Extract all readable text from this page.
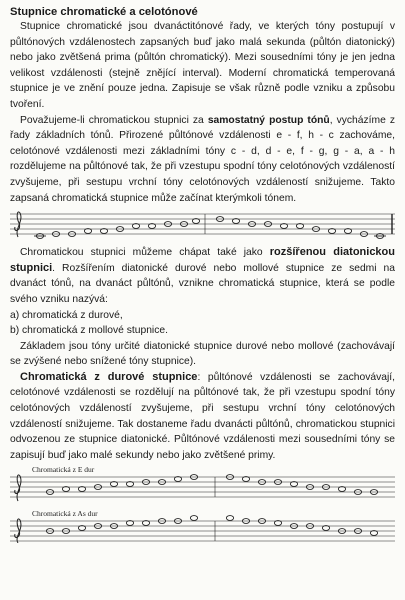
Stupnice chromatické a celotónové

Stupnice chromatické jsou dvanáctitónové řady, ve kterých tóny postupují v půltónových vzdálenostech zapsaných buď jako malá sekunda (půltón diatonický) nebo jako zvětšená prima (půltón chromatický). Mezi sousedními tóny je jen jedna velikost vzdálenosti (stejně znějící interval). Moderní chromatická temperovaná stupnice je ve znění pouze jedna. Zapisuje se však různě podle vzniku a způsobu tvoření.

Považujeme-li chromatickou stupnici za samostatný postup tónů, vycházíme z řady základních tónů. Přirozené půltónové vzdálenosti e - f, h - c zachováme, celotónové vzdálenosti mezi základními tóny c - d, d - e, f - g, g - a, a - h rozdělujeme na půltónové tak, že při vzestupu spodní tóny celotónových vzdáleností zvyšujeme, při sestupu vrchní tóny celotónových vzdáleností snižujeme. Takto zapsaná chromatická stupnice může začínat kterýmkoli tónem.

Chromatickou stupnici můžeme chápat také jako rozšířenou diatonickou stupnici. Rozšířením diatonické durové nebo mollové stupnice ze sedmi na dvanáct tónů, na dvanáct půltónů, vznikne chromatická stupnice, která se podle svého vzniku nazývá:

a) chromatická z durové,

b) chromatická z mollové stupnice.

Základem jsou tóny určité diatonické stupnice durové nebo mollové (zachovávají se zvýšené nebo snížené tóny stupnice).

Chromatická z durové stupnice: půltónové vzdálenosti se zachovávají, celotónové vzdálenosti se rozdělují na půltónové tak, že při vzestupu spodní tóny celotónových vzdáleností zvyšujeme, při sestupu vrchní tóny celotónových vzdáleností snižujeme. Tak dostaneme řadu dvanácti půltónů, chromatickou stupnici odvozenou ze stupnice diatonické. Půltónové vzdálenosti mezi sousedními tóny se zapisují buď jako malé sekundy nebo jako zvětšené primy.

Chromatická z E dur
Chromatická z As dur
